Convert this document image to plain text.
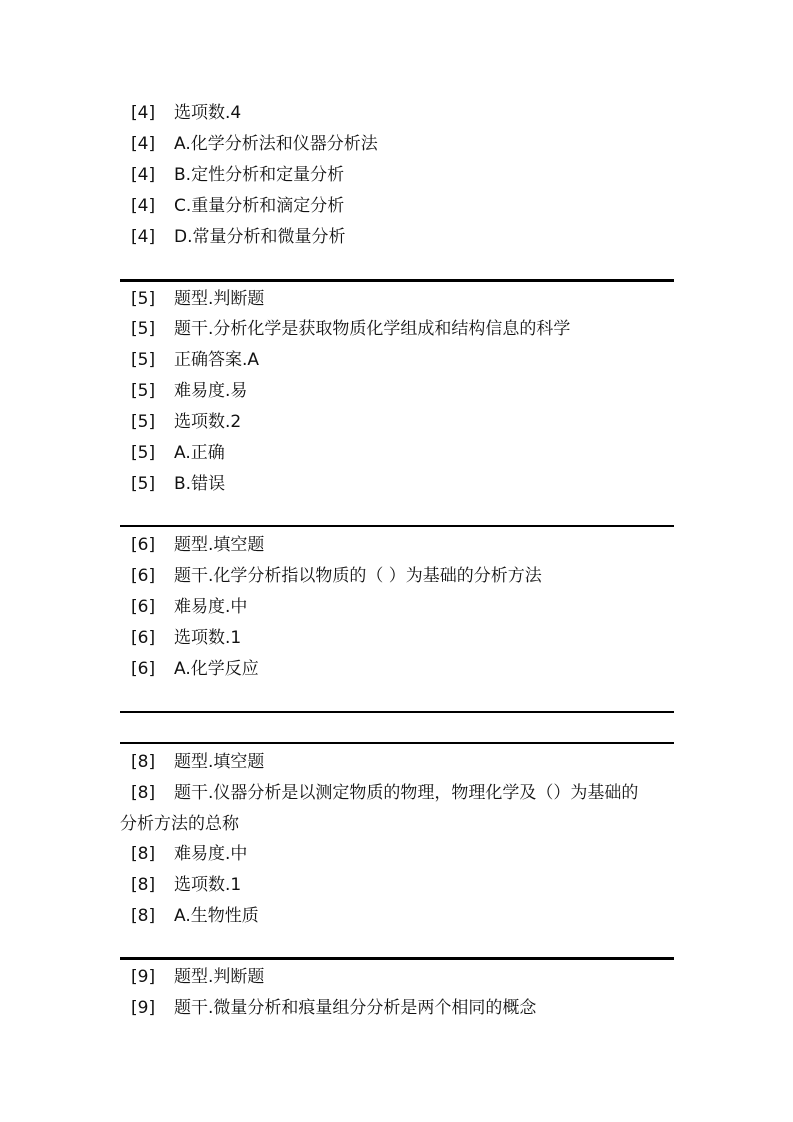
[4] 选项数.4
[4] A.化学分析法和仪器分析法
[4] B.定性分析和定量分析
[4] C.重量分析和滴定分析
[4] D.常量分析和微量分析
[5] 题型.判断题
[5] 题干.分析化学是获取物质化学组成和结构信息的科学
[5] 正确答案.A
[5] 难易度.易
[5] 选项数.2
[5] A.正确
[5] B.错误
[6] 题型.填空题
[6] 题干.化学分析指以物质的（ ）为基础的分析方法
[6] 难易度.中
[6] 选项数.1
[6] A.化学反应
[8] 题型.填空题
[8] 题干.仪器分析是以测定物质的物理，物理化学及（）为基础的
分析方法的总称
[8] 难易度.中
[8] 选项数.1
[8] A.生物性质
[9] 题型.判断题
[9] 题干.微量分析和痕量组分分析是两个相同的概念
